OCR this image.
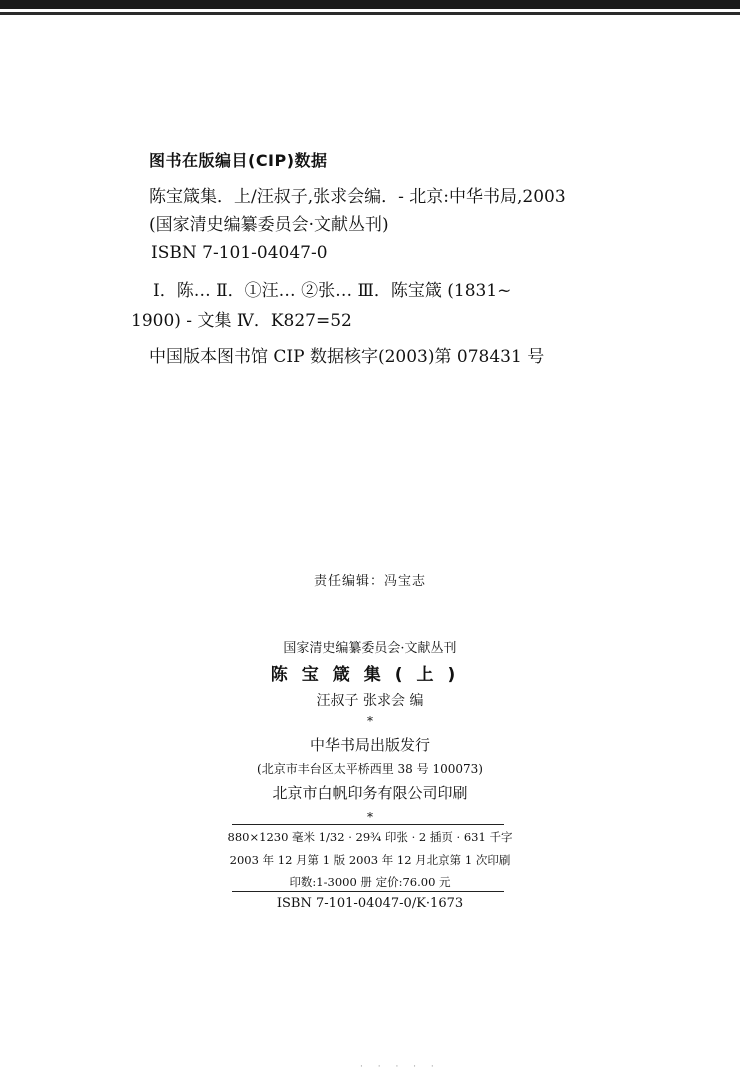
图书在版编目(CIP)数据
陈宝箴集．上/汪叔子,张求会编．- 北京:中华书局,2003
(国家清史编纂委员会·文献丛刊)
ISBN 7-101-04047-0
Ⅰ．陈… Ⅱ．①汪… ②张… Ⅲ．陈宝箴 (1831~
1900) - 文集 Ⅳ．K827=52
中国版本图书馆 CIP 数据核字(2003)第 078431 号
责任编辑：冯宝志
国家清史编纂委员会·文献丛刊
陈宝箴集(上)
汪叔子 张求会 编
*
中华书局出版发行
(北京市丰台区太平桥西里 38 号 100073)
北京市白帆印务有限公司印刷
*
880×1230 毫米 1/32 · 29¾ 印张 · 2 插页 · 631 千字
2003 年 12 月第 1 版 2003 年 12 月北京第 1 次印刷
印数:1-3000 册 定价:76.00 元
ISBN 7-101-04047-0/K·1673
· · · · ·
